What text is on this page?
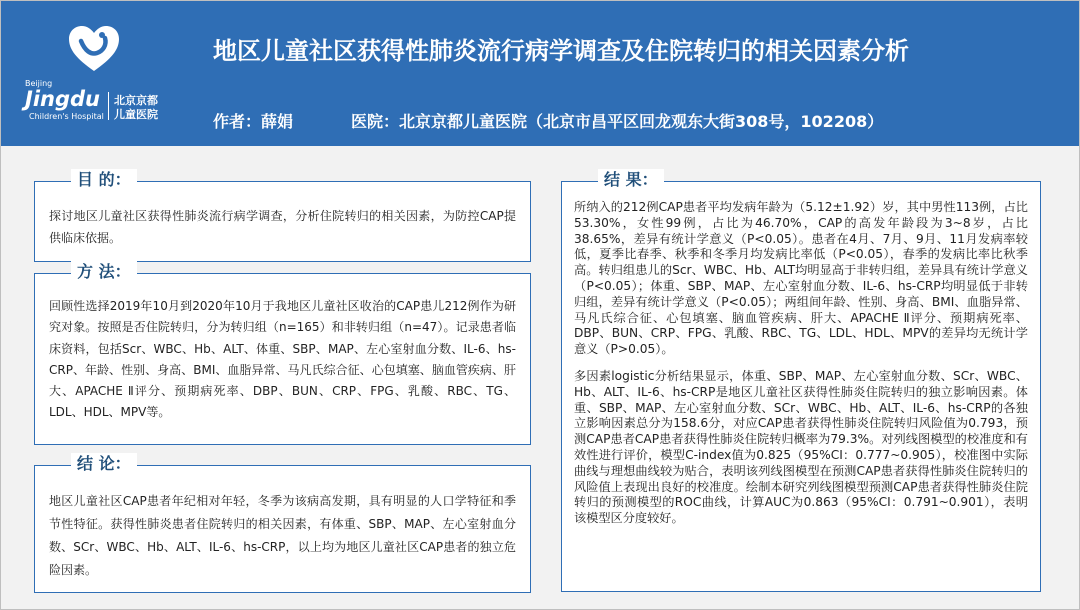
Beijing
Jingdu
Children's Hospital
北京京都
儿童医院
地区儿童社区获得性肺炎流行病学调查及住院转归的相关因素分析
作者：薛娟	医院：北京京都儿童医院（北京市昌平区回龙观东大街308号，102208）
目 的：
探讨地区儿童社区获得性肺炎流行病学调查，分析住院转归的相关因素，为防控CAP提供临床依据。
方 法：
回顾性选择2019年10月到2020年10月于我地区儿童社区收治的CAP患儿212例作为研究对象。按照是否住院转归，分为转归组（n=165）和非转归组（n=47）。记录患者临床资料，包括Scr、WBC、Hb、ALT、体重、SBP、MAP、左心室射血分数、IL-6、hs-CRP、年龄、性别、身高、BMI、血脂异常、马凡氏综合征、心包填塞、脑血管疾病、肝大、APACHE Ⅱ评分、预期病死率、DBP、BUN、CRP、FPG、乳酸、RBC、TG、LDL、HDL、MPV等。
结 论：
地区儿童社区CAP患者年纪相对年轻，冬季为该病高发期，具有明显的人口学特征和季节性特征。获得性肺炎患者住院转归的相关因素，有体重、SBP、MAP、左心室射血分数、SCr、WBC、Hb、ALT、IL-6、hs-CRP，以上均为地区儿童社区CAP患者的独立危险因素。
结 果：
所纳入的212例CAP患者平均发病年龄为（5.12±1.92）岁，其中男性113例，占比53.30%，女性99例，占比为46.70%，CAP的高发年龄段为3~8岁，占比38.65%，差异有统计学意义（P<0.05）。患者在4月、7月、9月、11月发病率较低，夏季比春季、秋季和冬季月均发病比率低（P<0.05），春季的发病比率比秋季高。转归组患儿的Scr、WBC、Hb、ALT均明显高于非转归组，差异具有统计学意义（P<0.05）；体重、SBP、MAP、左心室射血分数、IL-6、hs-CRP均明显低于非转归组，差异有统计学意义（P<0.05）；两组间年龄、性别、身高、BMI、血脂异常、马凡氏综合征、心包填塞、脑血管疾病、肝大、APACHE Ⅱ评分、预期病死率、DBP、BUN、CRP、FPG、乳酸、RBC、TG、LDL、HDL、MPV的差异均无统计学意义（P>0.05）。
多因素logistic分析结果显示，体重、SBP、MAP、左心室射血分数、SCr、WBC、Hb、ALT、IL-6、hs-CRP是地区儿童社区获得性肺炎住院转归的独立影响因素。体重、SBP、MAP、左心室射血分数、SCr、WBC、Hb、ALT、IL-6、hs-CRP的各独立影响因素总分为158.6分，对应CAP患者获得性肺炎住院转归风险值为0.793，预测CAP患者CAP患者获得性肺炎住院转归概率为79.3%。对列线图模型的校准度和有效性进行评价，模型C-index值为0.825（95%CI：0.777~0.905），校准图中实际曲线与理想曲线较为贴合，表明该列线图模型在预测CAP患者获得性肺炎住院转归的风险值上表现出良好的校准度。绘制本研究列线图模型预测CAP患者获得性肺炎住院转归的预测模型的ROC曲线，计算AUC为0.863（95%CI：0.791~0.901），表明该模型区分度较好。
